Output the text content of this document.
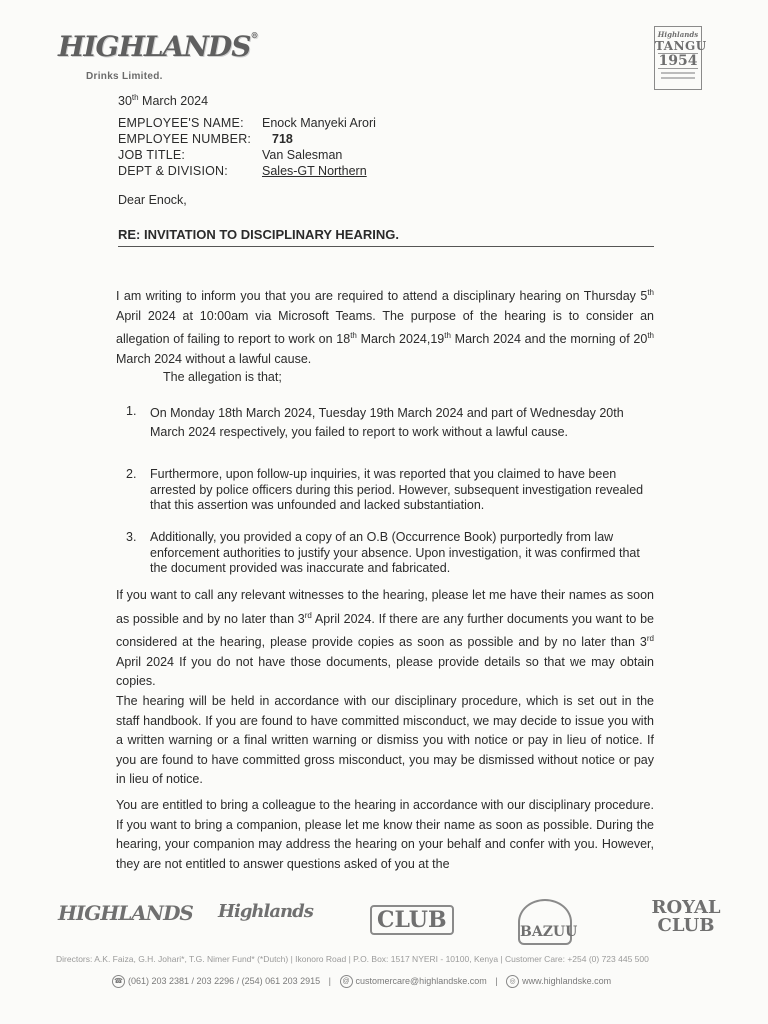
HIGHLANDS®
Drinks Limited.
Highlands
TANGU
1954
30th March 2024
EMPLOYEE'S NAME: Enock Manyeki Arori
EMPLOYEE NUMBER: 718
JOB TITLE:	Van Salesman
DEPT & DIVISION:	Sales-GT Northern
Dear Enock,
RE: INVITATION TO DISCIPLINARY HEARING.
I am writing to inform you that you are required to attend a disciplinary hearing on Thursday 5th April 2024 at 10:00am via Microsoft Teams. The purpose of the hearing is to consider an allegation of failing to report to work on 18th March 2024,19th March 2024 and the morning of 20th March 2024 without a lawful cause.
The allegation is that;
1. On Monday 18th March 2024, Tuesday 19th March 2024 and part of Wednesday 20th March 2024 respectively, you failed to report to work without a lawful cause.
2. Furthermore, upon follow-up inquiries, it was reported that you claimed to have been arrested by police officers during this period. However, subsequent investigation revealed that this assertion was unfounded and lacked substantiation.
3. Additionally, you provided a copy of an O.B (Occurrence Book) purportedly from law enforcement authorities to justify your absence. Upon investigation, it was confirmed that the document provided was inaccurate and fabricated.
If you want to call any relevant witnesses to the hearing, please let me have their names as soon as possible and by no later than 3rd April 2024. If there are any further documents you want to be considered at the hearing, please provide copies as soon as possible and by no later than 3rd April 2024 If you do not have those documents, please provide details so that we may obtain copies.
The hearing will be held in accordance with our disciplinary procedure, which is set out in the staff handbook. If you are found to have committed misconduct, we may decide to issue you with a written warning or a final written warning or dismiss you with notice or pay in lieu of notice. If you are found to have committed gross misconduct, you may be dismissed without notice or pay in lieu of notice.
You are entitled to bring a colleague to the hearing in accordance with our disciplinary procedure. If you want to bring a companion, please let me know their name as soon as possible. During the hearing, your companion may address the hearing on your behalf and confer with you. However, they are not entitled to answer questions asked of you at the
HIGHLANDS Highlands	CLUB	BAZUU
ROYAL CLUB
Directors: A.K. Faiza, G.H. Johari*, T.G. Nimer Fund* (*Dutch) | Ikonoro Road | P.O. Box: 1517 NYERI - 10100, Kenya | Customer Care: +254 (0) 723 445 500
☎ (061) 203 2381 / 203 2296 / (254) 061 203 2915 | @ customercare@highlandske.com | ◎ www.highlandske.com
